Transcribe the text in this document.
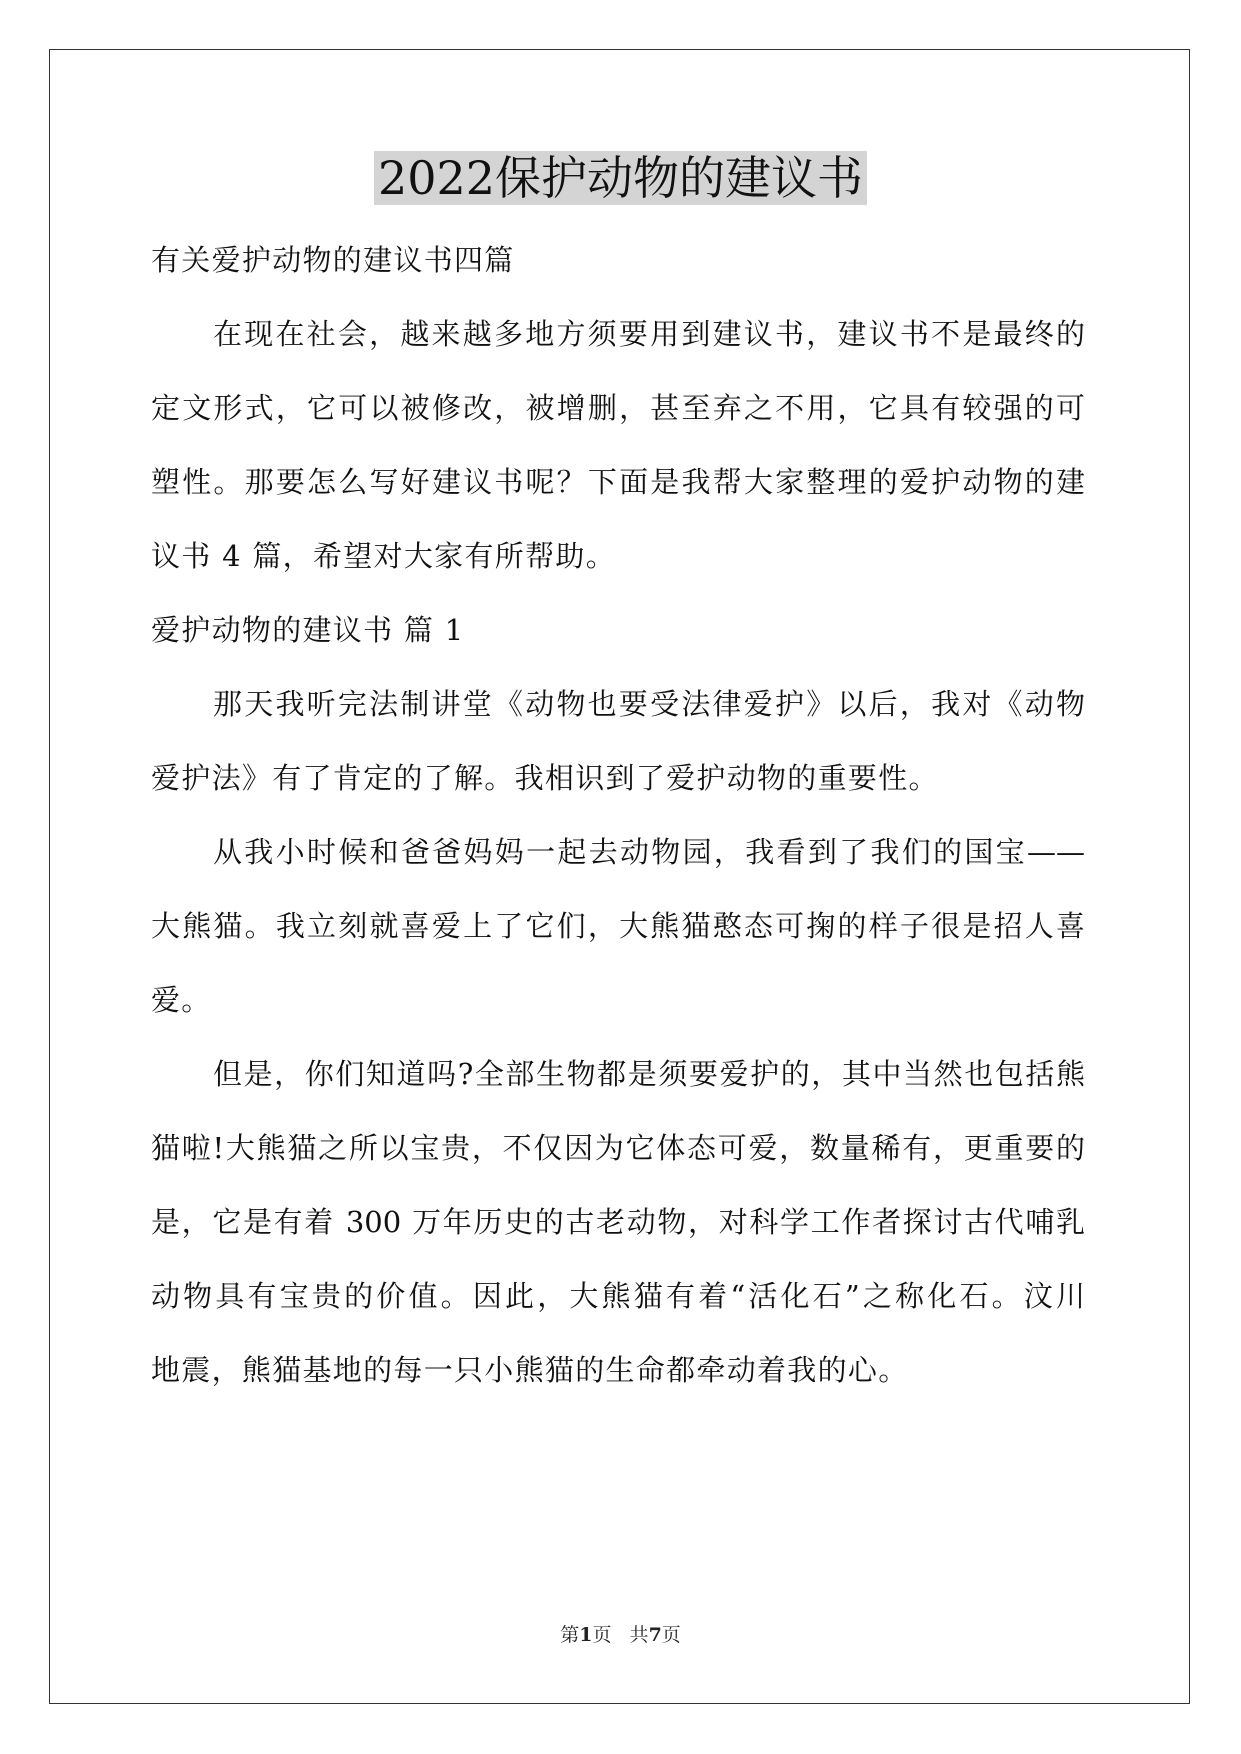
2022保护动物的建议书

有关爱护动物的建议书四篇

在现在社会，越来越多地方须要用到建议书，建议书不是最终的

定文形式，它可以被修改，被增删，甚至弃之不用，它具有较强的可

塑性。那要怎么写好建议书呢？下面是我帮大家整理的爱护动物的建

议书 4 篇，希望对大家有所帮助。

爱护动物的建议书 篇 1

那天我听完法制讲堂《动物也要受法律爱护》以后，我对《动物

爱护法》有了肯定的了解。我相识到了爱护动物的重要性。

从我小时候和爸爸妈妈一起去动物园，我看到了我们的国宝——

大熊猫。我立刻就喜爱上了它们，大熊猫憨态可掬的样子很是招人喜

爱。

但是，你们知道吗?全部生物都是须要爱护的，其中当然也包括熊

猫啦!大熊猫之所以宝贵，不仅因为它体态可爱，数量稀有，更重要的

是，它是有着 300 万年历史的古老动物，对科学工作者探讨古代哺乳

动物具有宝贵的价值。因此，大熊猫有着“活化石”之称化石。汶川

地震，熊猫基地的每一只小熊猫的生命都牵动着我的心。

第1页   共7页
